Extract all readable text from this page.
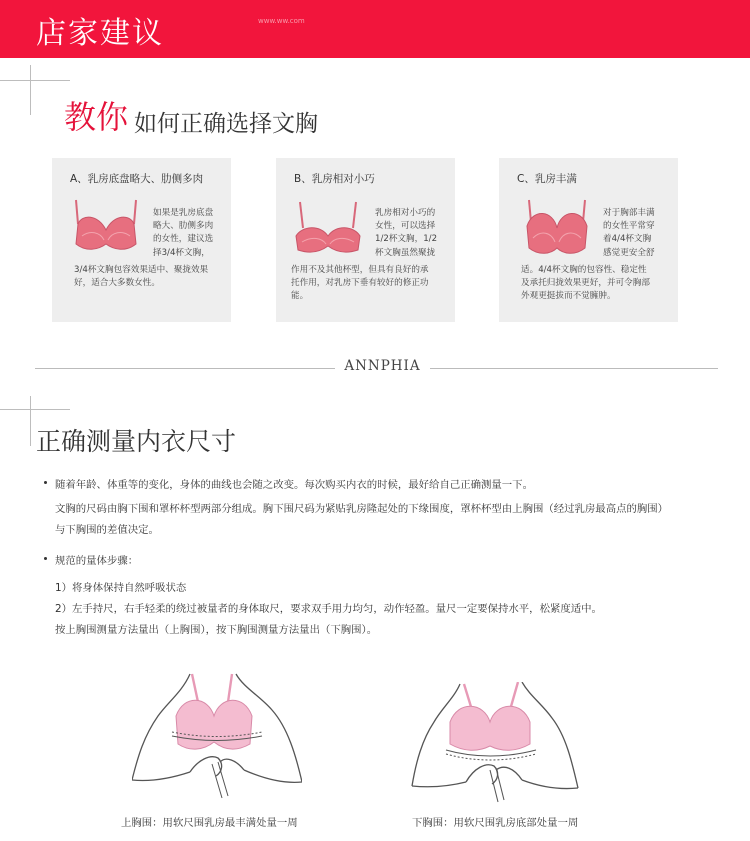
店家建议	www.ww.com
教你 如何正确选择文胸
A、乳房底盘略大、肋侧多肉
如果是乳房底盘
略大、肋侧多肉
的女性，建议选
择3/4杯文胸，
3/4杯文胸包容效果适中、聚拢效果
好，适合大多数女性。
B、乳房相对小巧
乳房相对小巧的
女性，可以选择
1/2杯文胸，1/2
杯文胸虽然聚拢
作用不及其他杯型，但具有良好的承
托作用，对乳房下垂有较好的修正功
能。
C、乳房丰满
对于胸部丰满
的女性平常穿
着4/4杯文胸
感觉更安全舒
适。4/4杯文胸的包容性、稳定性
及承托归拢效果更好，并可令胸部
外观更挺拔而不觉臃肿。
ANNPHIA
正确测量内衣尺寸
随着年龄、体重等的变化，身体的曲线也会随之改变。每次购买内衣的时候，最好给自己正确测量一下。
文胸的尺码由胸下围和罩杯杯型两部分组成。胸下围尺码为紧贴乳房隆起处的下缘围度，罩杯杯型由上胸围（经过乳房最高点的胸围）
与下胸围的差值决定。
规范的量体步骤：
1）将身体保持自然呼吸状态
2）左手持尺，右手轻柔的绕过被量者的身体取尺，要求双手用力均匀，动作轻盈。量尺一定要保持水平，松紧度适中。
按上胸围测量方法量出（上胸围），按下胸围测量方法量出（下胸围）。
上胸围：用软尺围乳房最丰满处量一周	下胸围：用软尺围乳房底部处量一周
